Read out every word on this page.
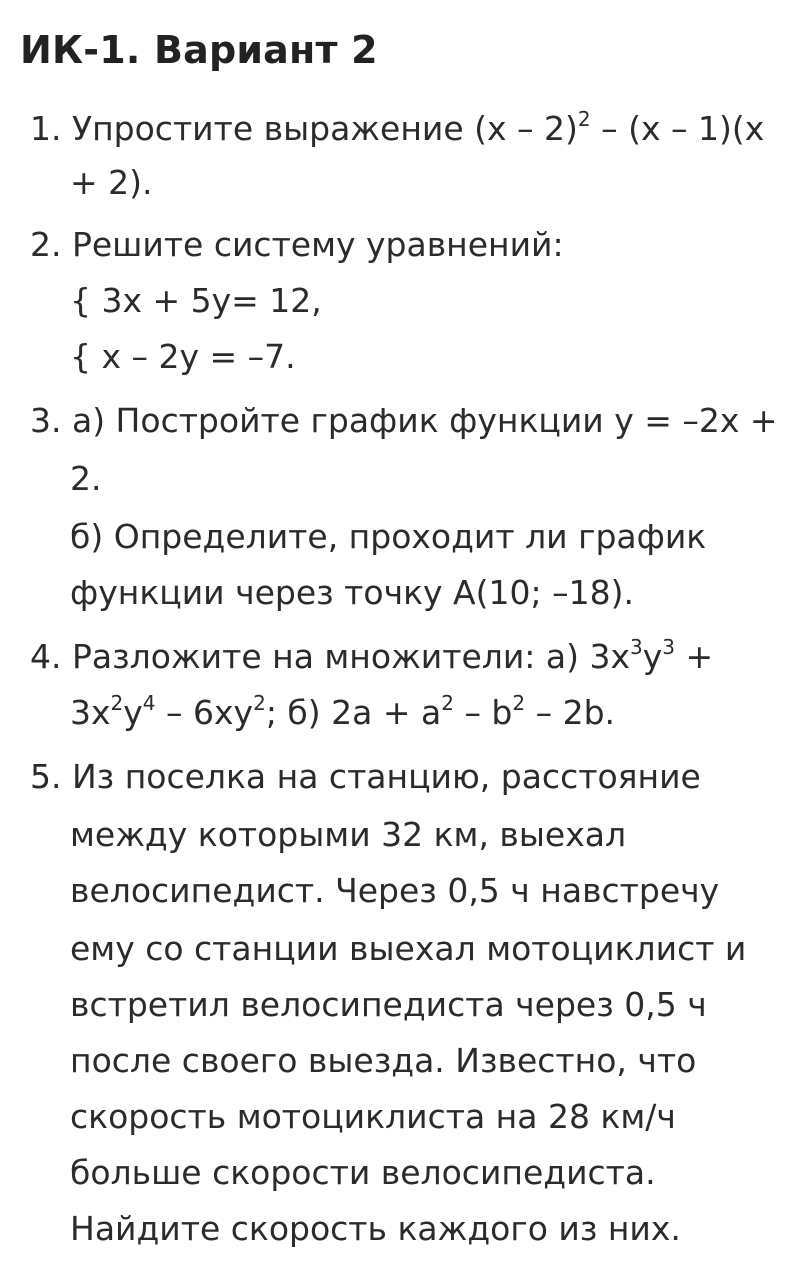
ИК-1. Вариант 2
1. Упростите выражение (x – 2)$^2$ – (x – 1)(x
+ 2).
2. Решите систему уравнений:
{ 3x + 5y= 12,
{ x – 2y = –7.
3. а) Постройте график функции y = –2x +
2.
б) Определите, проходит ли график
функции через точку A(10; –18).
4. Разложите на множители: а) $3x^3y^3$ +
$3x^2y^4 - 6xy^2$; б) $2a + a^2 - b^2 - 2b$.
5. Из поселка на станцию, расстояние
между которыми 32 км, выехал
велосипедист. Через 0,5 ч навстречу
ему со станции выехал мотоциклист и
встретил велосипедиста через 0,5 ч
после своего выезда. Известно, что
скорость мотоциклиста на 28 км/ч
больше скорости велосипедиста.
Найдите скорость каждого из них.
